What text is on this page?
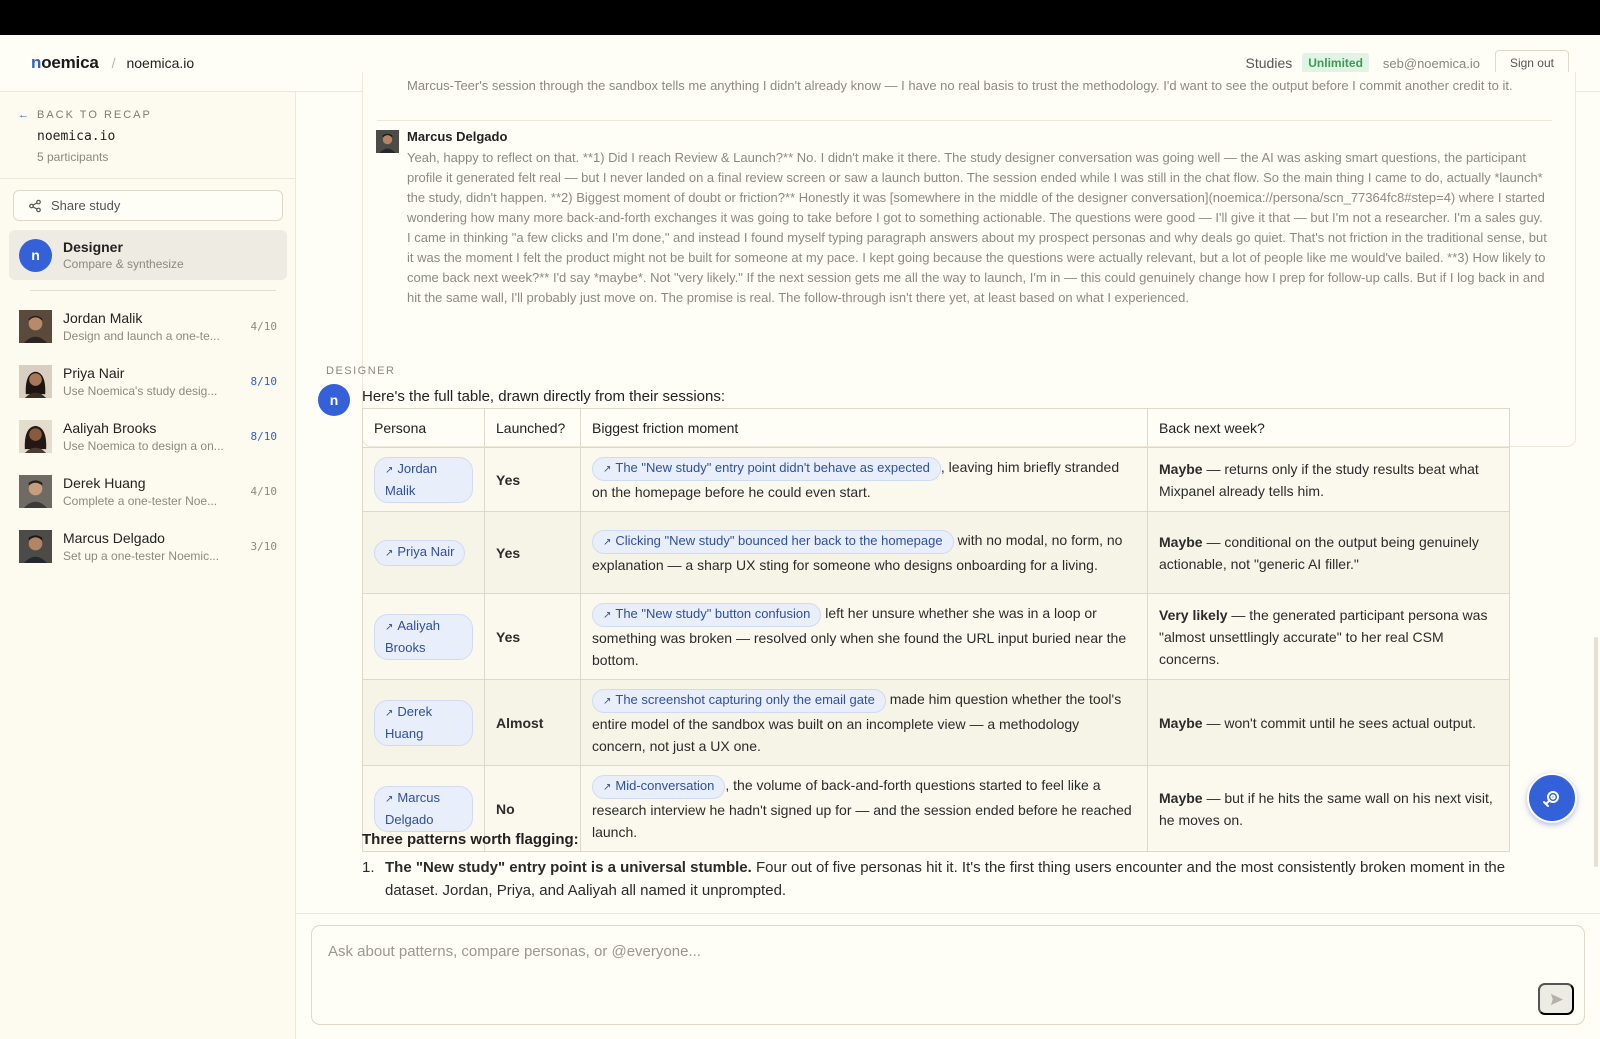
noemica / noemica.io	Studies	Unlimited	seb@noemica.io	Sign out
← BACK TO RECAP
noemica.io
5 participants
Share study
n	Designer
Compare & synthesize
Jordan Malik
Design and launch a one-te...
4/10
Priya Nair
Use Noemica's study desig...
8/10
Aaliyah Brooks
Use Noemica to design a on...
8/10
Derek Huang
Complete a one-tester Noe...
4/10
Marcus Delgado
Set up a one-tester Noemic...
3/10
Marcus-Teer's session through the sandbox tells me anything I didn't already know — I have no real basis to trust the methodology. I'd want to see the output before I commit another credit to it.
Marcus Delgado
Yeah, happy to reflect on that. **1) Did I reach Review & Launch?** No. I didn't make it there. The study designer conversation was going well — the AI was asking smart questions, the participant profile it generated felt real — but I never landed on a final review screen or saw a launch button. The session ended while I was still in the chat flow. So the main thing I came to do, actually *launch* the study, didn't happen. **2) Biggest moment of doubt or friction?** Honestly it was [somewhere in the middle of the designer conversation](noemica://persona/scn_77364fc8#step=4) where I started wondering how many more back-and-forth exchanges it was going to take before I got to something actionable. The questions were good — I'll give it that — but I'm not a researcher. I'm a sales guy. I came in thinking "a few clicks and I'm done," and instead I found myself typing paragraph answers about my prospect personas and why deals go quiet. That's not friction in the traditional sense, but it was the moment I felt the product might not be built for someone at my pace. I kept going because the questions were actually relevant, but a lot of people like me would've bailed. **3) How likely to come back next week?** I'd say *maybe*. Not "very likely." If the next session gets me all the way to launch, I'm in — this could genuinely change how I prep for follow-up calls. But if I log back in and hit the same wall, I'll probably just move on. The promise is real. The follow-through isn't there yet, at least based on what I experienced.
DESIGNER
n	Here's the full table, drawn directly from their sessions:
Persona	Launched?	Biggest friction moment	Back next week?
↗ Jordan Malik	Yes	↗ The "New study" entry point didn't behave as expected , leaving him briefly stranded on the homepage before he could even start.	Maybe — returns only if the study results beat what Mixpanel already tells him.
↗ Priya Nair	Yes	↗ Clicking "New study" bounced her back to the homepage with no modal, no form, no explanation — a sharp UX sting for someone who designs onboarding for a living.	Maybe — conditional on the output being genuinely actionable, not "generic AI filler."
↗ Aaliyah Brooks	Yes	↗ The "New study" button confusion left her unsure whether she was in a loop or something was broken — resolved only when she found the URL input buried near the bottom.	Very likely — the generated participant persona was "almost unsettlingly accurate" to her real CSM concerns.
↗ Derek Huang	Almost	↗ The screenshot capturing only the email gate made him question whether the tool's entire model of the sandbox was built on an incomplete view — a methodology concern, not just a UX one.	Maybe — won't commit until he sees actual output.
↗ Marcus Delgado	No	↗ Mid-conversation , the volume of back-and-forth questions started to feel like a research interview he hadn't signed up for — and the session ended before he reached launch.	Maybe — but if he hits the same wall on his next visit, he moves on.
Three patterns worth flagging:
1. The "New study" entry point is a universal stumble. Four out of five personas hit it. It's the first thing users encounter and the most consistently broken moment in the dataset. Jordan, Priya, and Aaliyah all named it unprompted.
Ask about patterns, compare personas, or @everyone...
